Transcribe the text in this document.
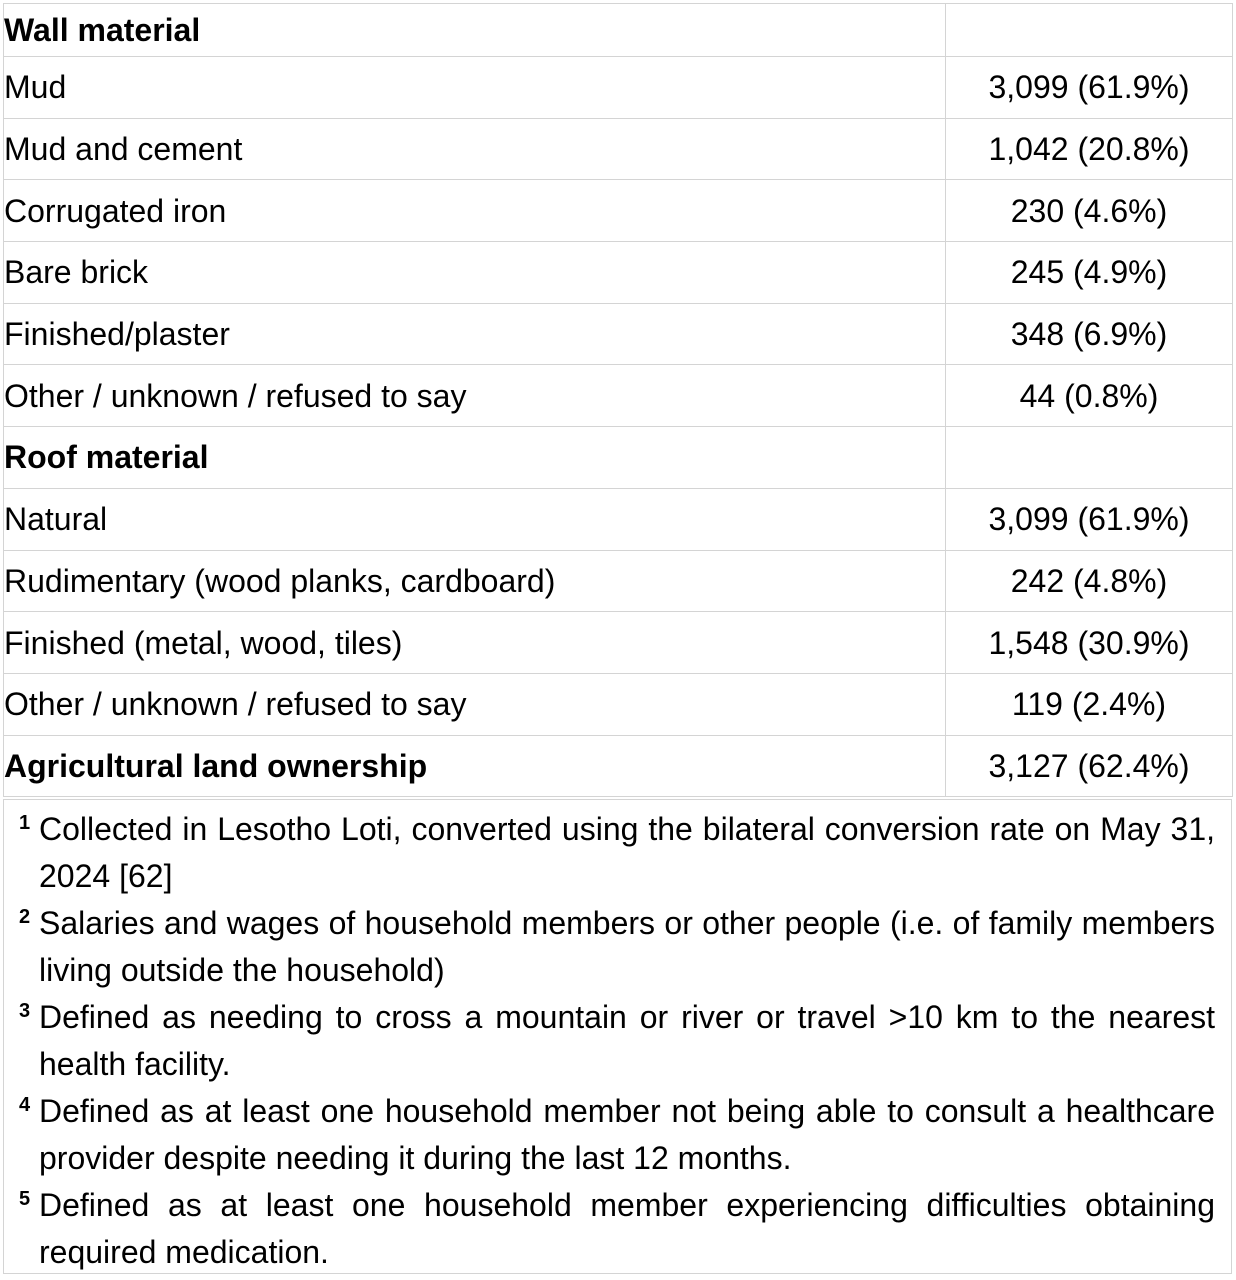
Wall material	
Mud	3,099 (61.9%)
Mud and cement	1,042 (20.8%)
Corrugated iron	230 (4.6%)
Bare brick	245 (4.9%)
Finished/plaster	348 (6.9%)
Other / unknown / refused to say	44 (0.8%)
Roof material	
Natural	3,099 (61.9%)
Rudimentary (wood planks, cardboard)	242 (4.8%)
Finished (metal, wood, tiles)	1,548 (30.9%)
Other / unknown / refused to say	119 (2.4%)
Agricultural land ownership	3,127 (62.4%)
1 Collected in Lesotho Loti, converted using the bilateral conversion rate on May 31, 2024 [62]
2 Salaries and wages of household members or other people (i.e. of family members living outside the household)
3 Defined as needing to cross a mountain or river or travel >10 km to the nearest health facility.
4 Defined as at least one household member not being able to consult a healthcare provider despite needing it during the last 12 months.
5 Defined as at least one household member experiencing difficulties obtaining required medication.
